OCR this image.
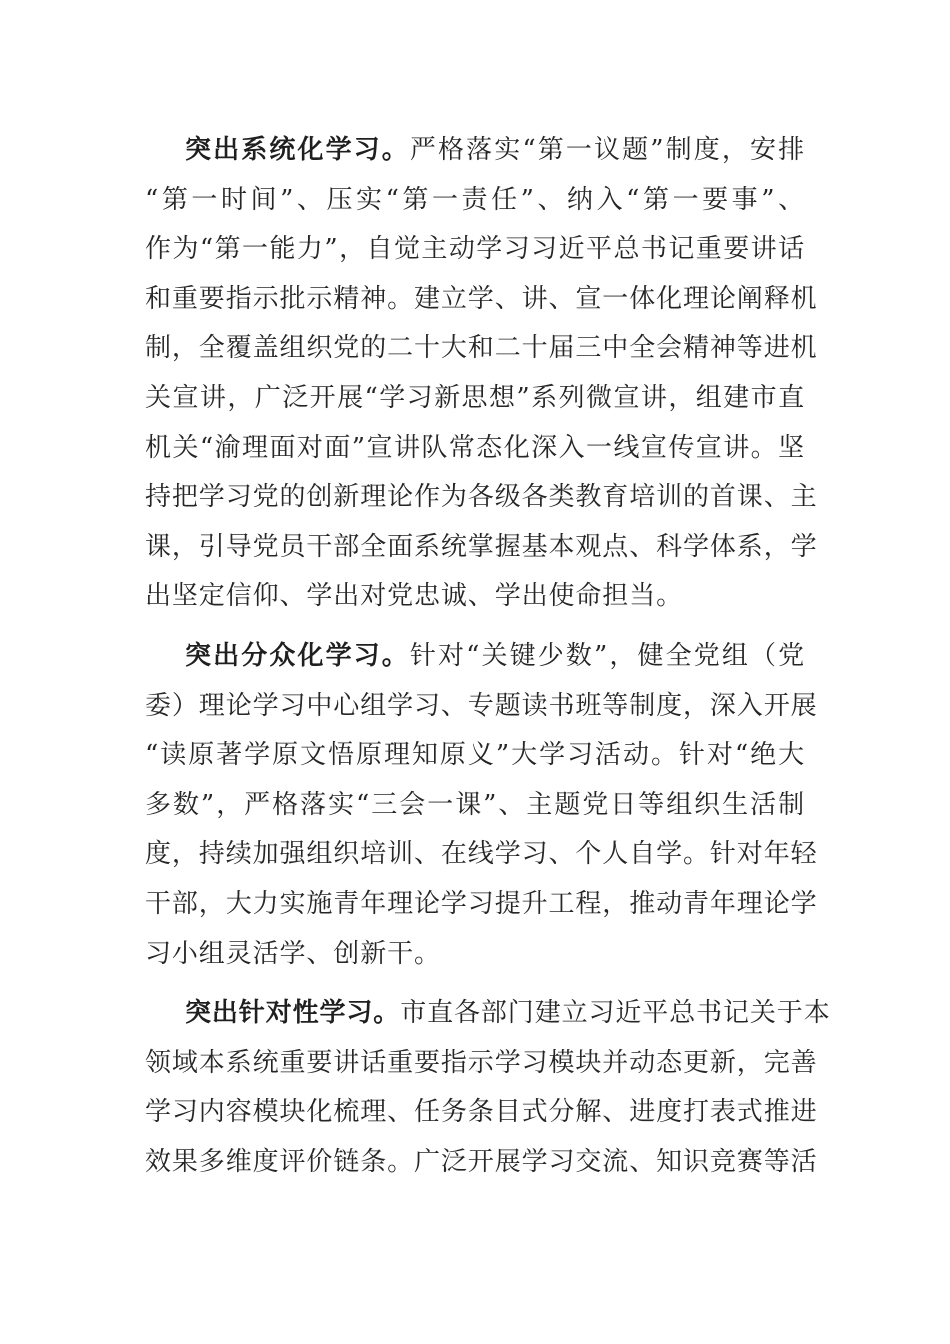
突出系统化学习。严格落实“第一议题”制度，安排
“第一时间”、压实“第一责任”、纳入“第一要事”、
作为“第一能力”，自觉主动学习习近平总书记重要讲话
和重要指示批示精神。建立学、讲、宣一体化理论阐释机
制，全覆盖组织党的二十大和二十届三中全会精神等进机
关宣讲，广泛开展“学习新思想”系列微宣讲，组建市直
机关“渝理面对面”宣讲队常态化深入一线宣传宣讲。坚
持把学习党的创新理论作为各级各类教育培训的首课、主
课，引导党员干部全面系统掌握基本观点、科学体系，学
出坚定信仰、学出对党忠诚、学出使命担当。
突出分众化学习。针对“关键少数”，健全党组（党
委）理论学习中心组学习、专题读书班等制度，深入开展
“读原著学原文悟原理知原义”大学习活动。针对“绝大
多数”，严格落实“三会一课”、主题党日等组织生活制
度，持续加强组织培训、在线学习、个人自学。针对年轻
干部，大力实施青年理论学习提升工程，推动青年理论学
习小组灵活学、创新干。
突出针对性学习。市直各部门建立习近平总书记关于本
领域本系统重要讲话重要指示学习模块并动态更新，完善
学习内容模块化梳理、任务条目式分解、进度打表式推进
效果多维度评价链条。广泛开展学习交流、知识竞赛等活
